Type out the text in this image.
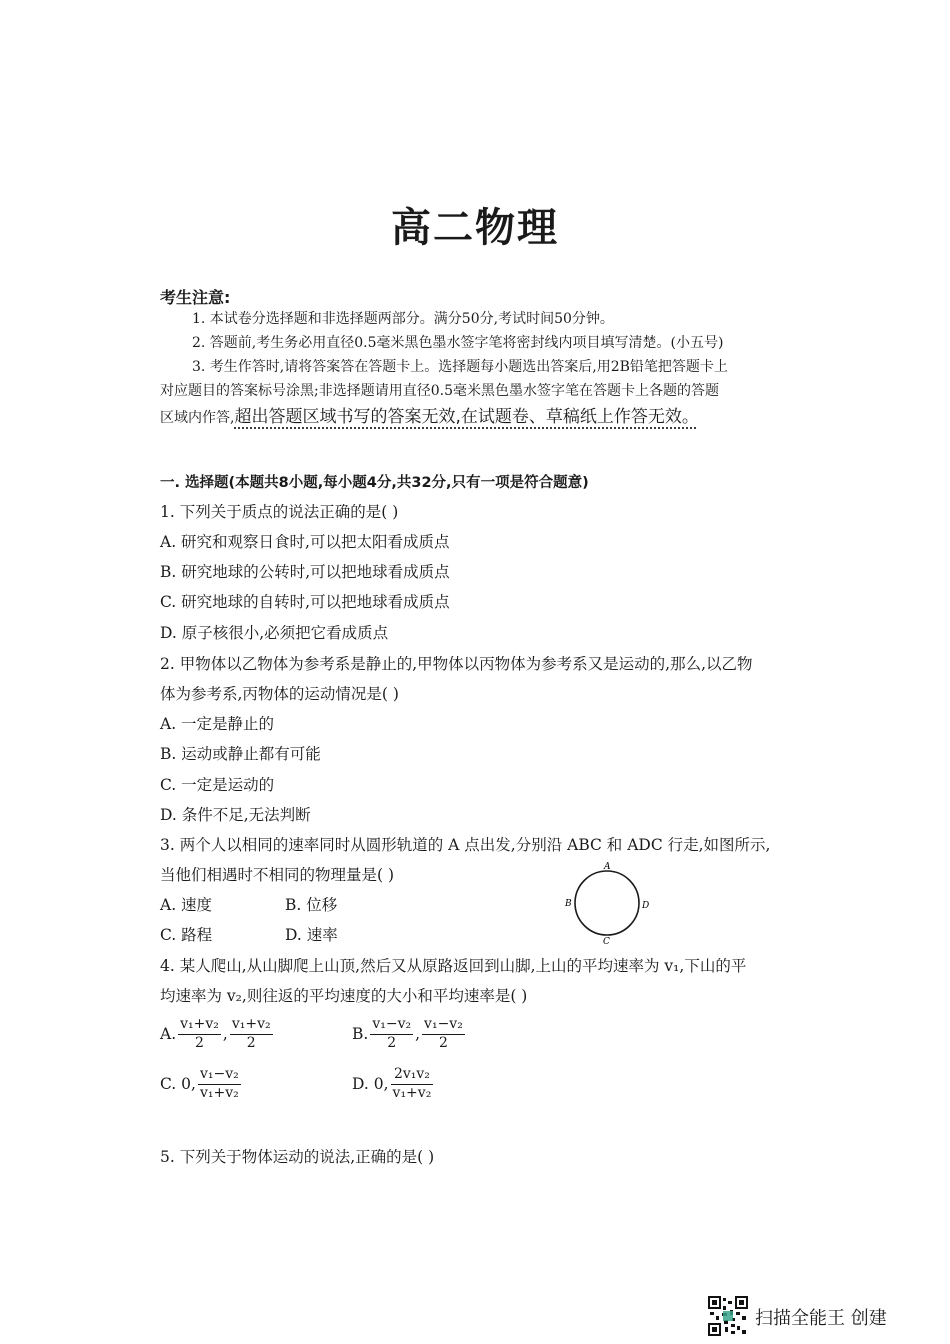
高二物理
考生注意:
1. 本试卷分选择题和非选择题两部分。满分50分,考试时间50分钟。
2. 答题前,考生务必用直径0.5毫米黑色墨水签字笔将密封线内项目填写清楚。(小五号)
3. 考生作答时,请将答案答在答题卡上。选择题每小题选出答案后,用2B铅笔把答题卡上
对应题目的答案标号涂黑;非选择题请用直径0.5毫米黑色墨水签字笔在答题卡上各题的答题
区域内作答,超出答题区域书写的答案无效,在试题卷、草稿纸上作答无效。
一. 选择题(本题共8小题,每小题4分,共32分,只有一项是符合题意)
1. 下列关于质点的说法正确的是( )
A. 研究和观察日食时,可以把太阳看成质点
B. 研究地球的公转时,可以把地球看成质点
C. 研究地球的自转时,可以把地球看成质点
D. 原子核很小,必须把它看成质点
2. 甲物体以乙物体为参考系是静止的,甲物体以丙物体为参考系又是运动的,那么,以乙物
体为参考系,丙物体的运动情况是( )
A. 一定是静止的
B. 运动或静止都有可能
C. 一定是运动的
D. 条件不足,无法判断
3. 两个人以相同的速率同时从圆形轨道的 A 点出发,分别沿 ABC 和 ADC 行走,如图所示,
当他们相遇时不相同的物理量是( )
A. 速度	B. 位移
C. 路程	D. 速率
A
B	D
C
4. 某人爬山,从山脚爬上山顶,然后又从原路返回到山脚,上山的平均速率为 v₁,下山的平
均速率为 v₂,则往返的平均速度的大小和平均速率是( )
A. $\frac{\text{v₁+v₂}}{2}$ , $\frac{\text{v₁+v₂}}{2}$	B. $\frac{\text{v₁−v₂}}{2}$ , $\frac{\text{v₁−v₂}}{2}$
C. 0, $\frac{\text{v₁−v₂}}{\text{v₁+v₂}}$	D. 0, $\frac{\text{2v₁v₂}}{\text{v₁+v₂}}$
5. 下列关于物体运动的说法,正确的是( )
扫描全能王 创建
